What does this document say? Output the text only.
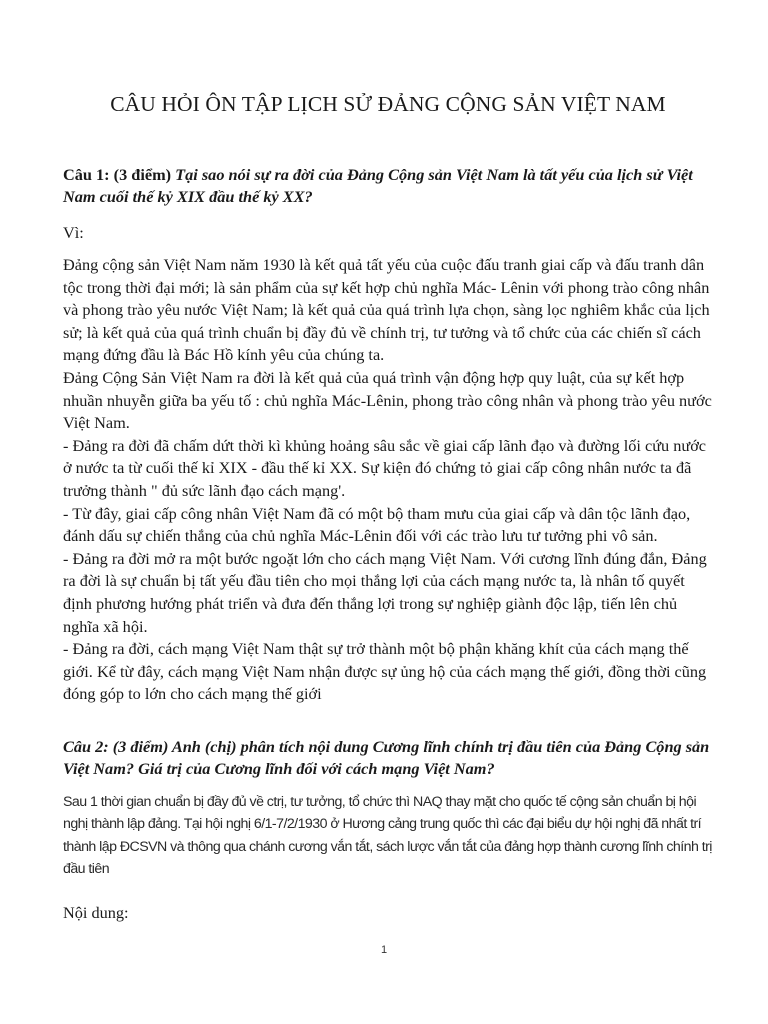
CÂU HỎI ÔN TẬP LỊCH SỬ ĐẢNG CỘNG SẢN VIỆT NAM

Câu 1: (3 điểm) Tại sao nói sự ra đời của Đảng Cộng sản Việt Nam là tất yếu của lịch sử Việt Nam cuối thế kỷ XIX đầu thế kỷ XX?

Vì:

Đảng cộng sản Việt Nam năm 1930 là kết quả tất yếu của cuộc đấu tranh giai cấp và đấu tranh dân tộc trong thời đại mới; là sản phẩm của sự kết hợp chủ nghĩa Mác- Lênin với phong trào công nhân và phong trào yêu nước Việt Nam; là kết quả của quá trình lựa chọn, sàng lọc nghiêm khắc của lịch sử; là kết quả của quá trình chuẩn bị đầy đủ về chính trị, tư tưởng và tổ chức của các chiến sĩ cách mạng đứng đầu là Bác Hồ kính yêu của chúng ta.

Đảng Cộng Sản Việt Nam ra đời là kết quả của quá trình vận động hợp quy luật, của sự kết hợp nhuần nhuyễn giữa ba yếu tố : chủ nghĩa Mác-Lênin, phong trào công nhân và phong trào yêu nước Việt Nam.

- Đảng ra đời đã chấm dứt thời kì khủng hoảng sâu sắc về giai cấp lãnh đạo và đường lối cứu nước ở nước ta từ cuối thế kỉ XIX - đầu thế kỉ XX. Sự kiện đó chứng tỏ giai cấp công nhân nước ta đã trưởng thành " đủ sức lãnh đạo cách mạng'.

- Từ đây, giai cấp công nhân Việt Nam đã có một bộ tham mưu của giai cấp và dân tộc lãnh đạo, đánh dấu sự chiến thắng của chủ nghĩa Mác-Lênin đối với các trào lưu tư tưởng phi vô sản.

- Đảng ra đời mở ra một bước ngoặt lớn cho cách mạng Việt Nam. Với cương lĩnh đúng đắn, Đảng ra đời là sự chuẩn bị tất yếu đầu tiên cho mọi thắng lợi của cách mạng nước ta, là nhân tố quyết định phương hướng phát triển và đưa đến thắng lợi trong sự nghiệp giành độc lập, tiến lên chủ nghĩa xã hội.

- Đảng ra đời, cách mạng Việt Nam thật sự trở thành một bộ phận khăng khít của cách mạng thế giới. Kể từ đây, cách mạng Việt Nam nhận được sự ủng hộ của cách mạng thế giới, đồng thời cũng đóng góp to lớn cho cách mạng thế giới

Câu 2: (3 điểm) Anh (chị) phân tích nội dung Cương lĩnh chính trị đầu tiên của Đảng Cộng sản Việt Nam? Giá trị của Cương lĩnh đối với cách mạng Việt Nam?

Sau 1 thời gian chuẩn bị đầy đủ về ctrị, tư tưởng, tổ chức thì NAQ thay mặt cho quốc tế cộng sản chuẩn bị hội nghị thành lập đảng. Tại hội nghị 6/1-7/2/1930 ở Hương cảng trung quốc thì các đại biểu dự hội nghị đã nhất trí thành lập ĐCSVN và thông qua chánh cương vắn tắt, sách lược vắn tắt của đảng hợp thành cương lĩnh chính trị đầu tiên

Nội dung:

1
